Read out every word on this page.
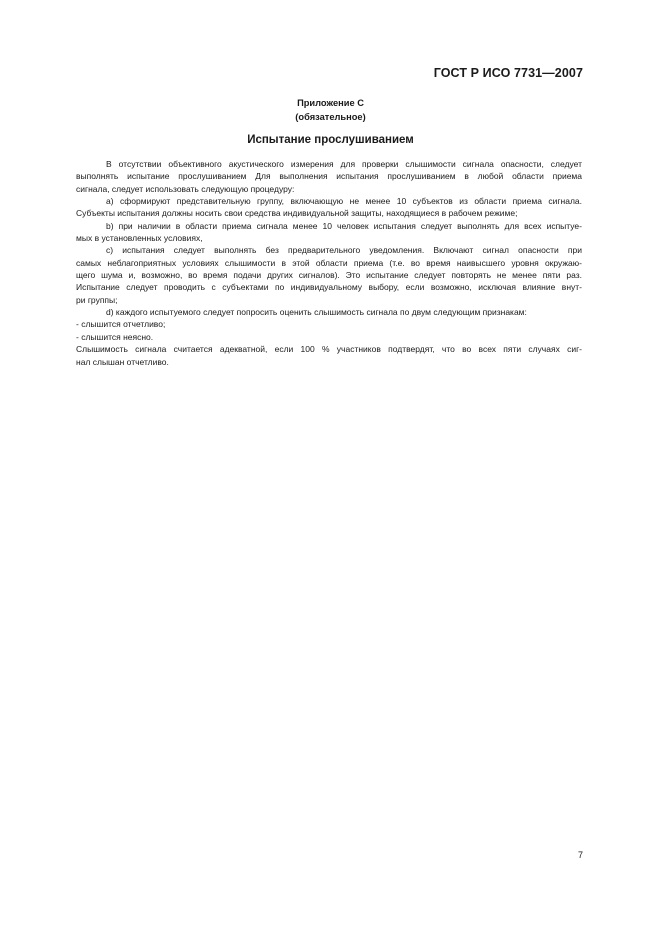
ГОСТ Р ИСО 7731—2007
Приложение С
(обязательное)
Испытание прослушиванием
В отсутствии объективного акустического измерения для проверки слышимости сигнала опасности, следует
выполнять испытание прослушиванием Для выполнения испытания прослушиванием в любой области приема
сигнала, следует использовать следующую процедуру:
а) сформируют представительную группу, включающую не менее 10 субъектов из области приема сигнала.
Субъекты испытания должны носить свои средства индивидуальной защиты, находящиеся в рабочем режиме;
b) при наличии в области приема сигнала менее 10 человек испытания следует выполнять для всех испытуе-
мых в установленных условиях,
с) испытания следует выполнять без предварительного уведомления. Включают сигнал опасности при
самых неблагоприятных условиях слышимости в этой области приема (т.е. во время наивысшего уровня окружаю-
щего шума и, возможно, во время подачи других сигналов). Это испытание следует повторять не менее пяти раз.
Испытание следует проводить с субъектами по индивидуальному выбору, если возможно, исключая влияние внут-
ри группы;
d) каждого испытуемого следует попросить оценить слышимость сигнала по двум следующим признакам:
- слышится отчетливо;
- слышится неясно.
Слышимость сигнала считается адекватной, если 100 % участников подтвердят, что во всех пяти случаях сиг-
нал слышан отчетливо.
7
